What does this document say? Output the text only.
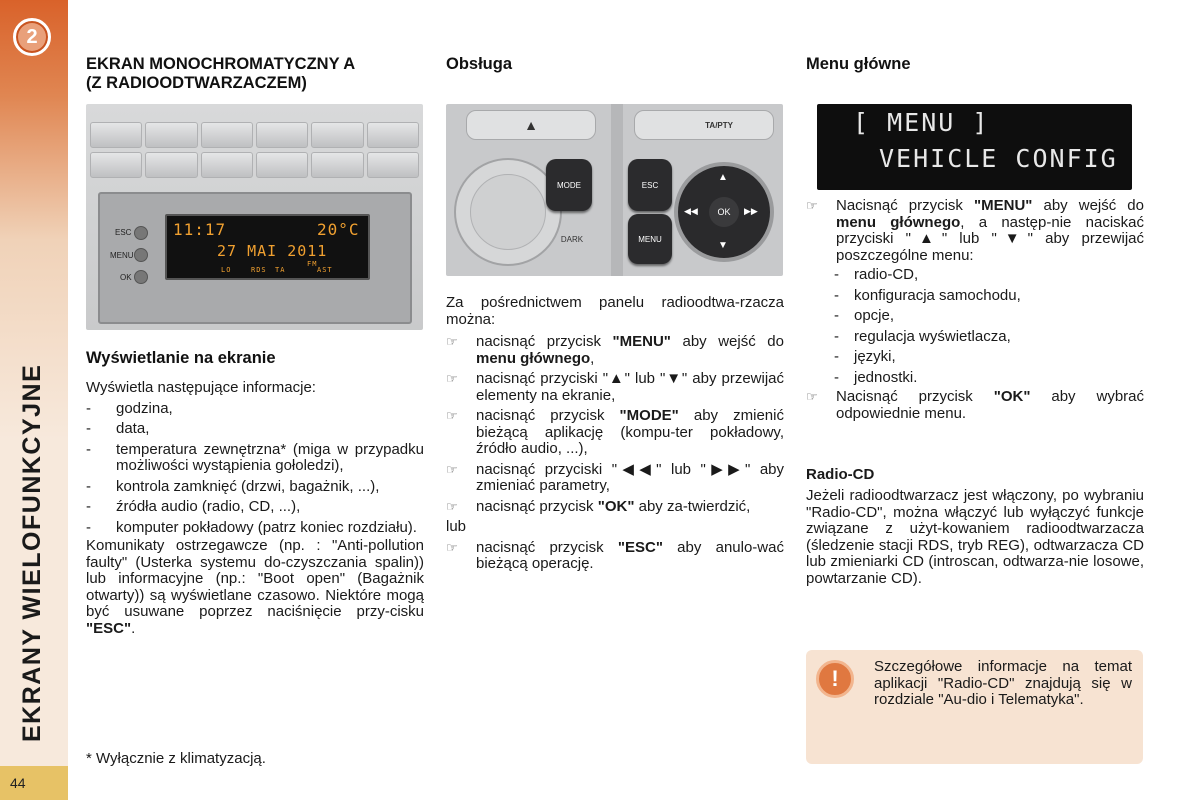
2
EKRANY WIELOFUNKCYJNE
44
EKRAN MONOCHROMATYCZNY A
(Z RADIOODTWARZACZEM)
ESC
MENU
OK
11:17	20°C
27 MAI 2011
LO	RDS TA
FM
AST
Wyświetlanie na ekranie
Wyświetla następujące informacje:
-	godzina,
-	data,
-	temperatura zewnętrzna* (miga w przypadku możliwości wystąpienia gołoledzi),
-	kontrola zamknięć (drzwi, bagażnik, ...),
-	źródła audio (radio, CD, ...),
-	komputer pokładowy (patrz koniec rozdziału).
Komunikaty ostrzegawcze (np. : "Anti-pollution faulty" (Usterka systemu do-czyszczania spalin)) lub informacyjne (np.: "Boot open" (Bagażnik otwarty)) są wyświetlane czasowo. Niektóre mogą być usuwane poprzez naciśnięcie przy-cisku "ESC".
* Wyłącznie z klimatyzacją.
Obsługa
▲	TA/PTY
MODE
DARK
ESC
MENU
OK
▲
▼
◀◀	▶▶
Za pośrednictwem panelu radioodtwa-rzacza można:
☞	nacisnąć przycisk "MENU" aby wejść do menu głównego,
☞	nacisnąć przyciski "▲" lub "▼" aby przewijać elementy na ekranie,
☞	nacisnąć przycisk "MODE" aby zmienić bieżącą aplikację (kompu-ter pokładowy, źródło audio, ...),
☞	nacisnąć przyciski "◀◀" lub "▶▶" aby zmieniać parametry,
☞	nacisnąć przycisk "OK" aby za-twierdzić,
lub
☞	nacisnąć przycisk "ESC" aby anulo-wać bieżącą operację.
Menu główne
[ MENU ]
VEHICLE CONFIG
☞	Nacisnąć przycisk "MENU" aby wejść do menu głównego, a następ-nie naciskać przyciski "▲" lub "▼" aby przewijać poszczególne menu:
-	radio-CD,
-	konfiguracja samochodu,
-	opcje,
-	regulacja wyświetlacza,
-	języki,
-	jednostki.
☞	Nacisnąć przycisk "OK" aby wybrać odpowiednie menu.
Radio-CD
Jeżeli radioodtwarzacz jest włączony, po wybraniu "Radio-CD", można włączyć lub wyłączyć funkcje związane z użyt-kowaniem radioodtwarzacza (śledzenie stacji RDS, tryb REG), odtwarzacza CD lub zmieniarki CD (introscan, odtwarza-nie losowe, powtarzanie CD).
!	Szczegółowe informacje na temat aplikacji "Radio-CD" znajdują się w rozdziale "Au-dio i Telematyka".
